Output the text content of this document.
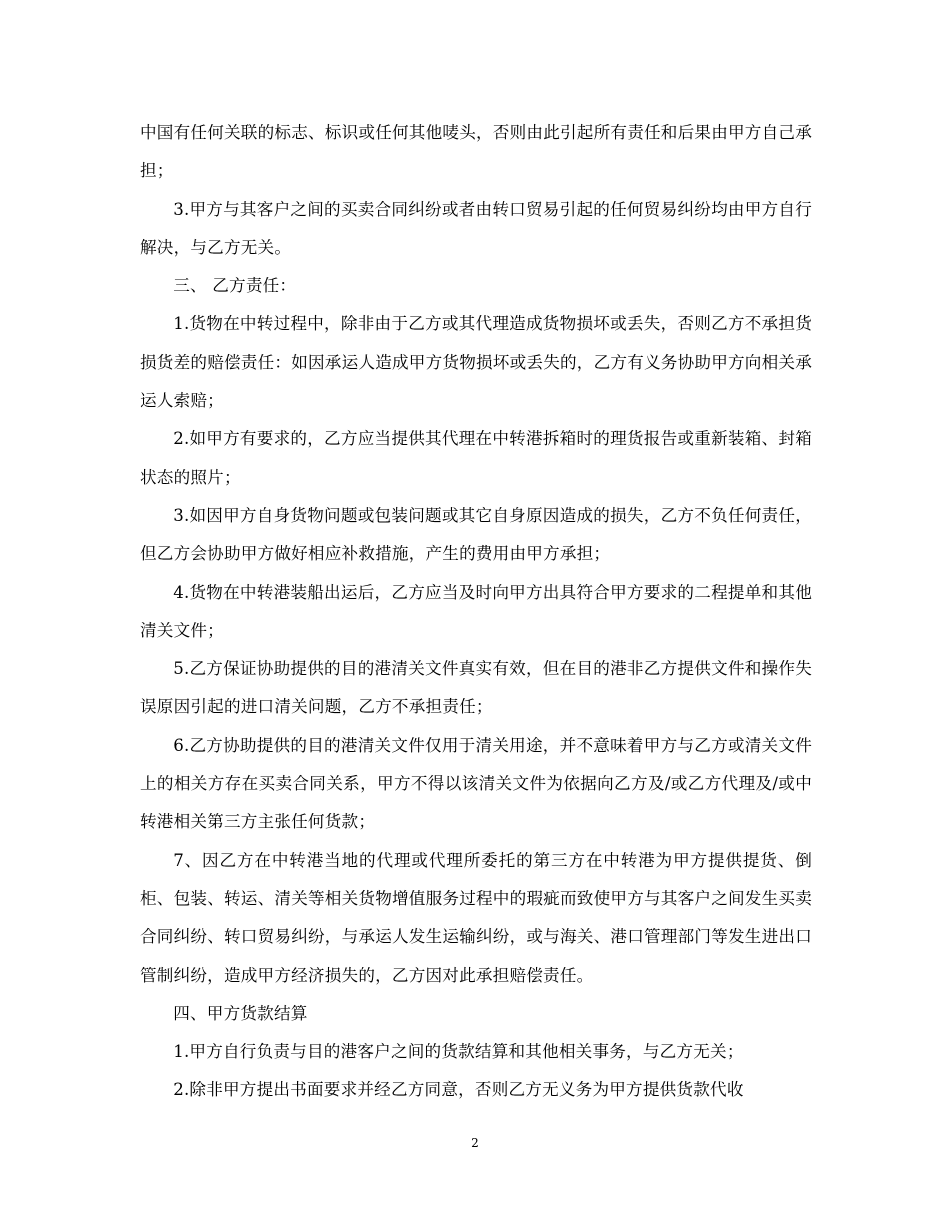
中国有任何关联的标志、标识或任何其他唛头，否则由此引起所有责任和后果由甲方自己承担；

3.甲方与其客户之间的买卖合同纠纷或者由转口贸易引起的任何贸易纠纷均由甲方自行解决，与乙方无关。

三、 乙方责任：

1.货物在中转过程中，除非由于乙方或其代理造成货物损坏或丢失，否则乙方不承担货损货差的赔偿责任：如因承运人造成甲方货物损坏或丢失的，乙方有义务协助甲方向相关承运人索赔；

2.如甲方有要求的，乙方应当提供其代理在中转港拆箱时的理货报告或重新装箱、封箱状态的照片；

3.如因甲方自身货物问题或包装问题或其它自身原因造成的损失，乙方不负任何责任，但乙方会协助甲方做好相应补救措施，产生的费用由甲方承担；

4.货物在中转港装船出运后，乙方应当及时向甲方出具符合甲方要求的二程提单和其他清关文件；

5.乙方保证协助提供的目的港清关文件真实有效，但在目的港非乙方提供文件和操作失误原因引起的进口清关问题，乙方不承担责任；

6.乙方协助提供的目的港清关文件仅用于清关用途，并不意味着甲方与乙方或清关文件上的相关方存在买卖合同关系，甲方不得以该清关文件为依据向乙方及/或乙方代理及/或中转港相关第三方主张任何货款；

7、因乙方在中转港当地的代理或代理所委托的第三方在中转港为甲方提供提货、倒柜、包装、转运、清关等相关货物增值服务过程中的瑕疵而致使甲方与其客户之间发生买卖合同纠纷、转口贸易纠纷，与承运人发生运输纠纷，或与海关、港口管理部门等发生进出口管制纠纷，造成甲方经济损失的，乙方因对此承担赔偿责任。

四、甲方货款结算

1.甲方自行负责与目的港客户之间的货款结算和其他相关事务，与乙方无关；

2.除非甲方提出书面要求并经乙方同意，否则乙方无义务为甲方提供货款代收

2
